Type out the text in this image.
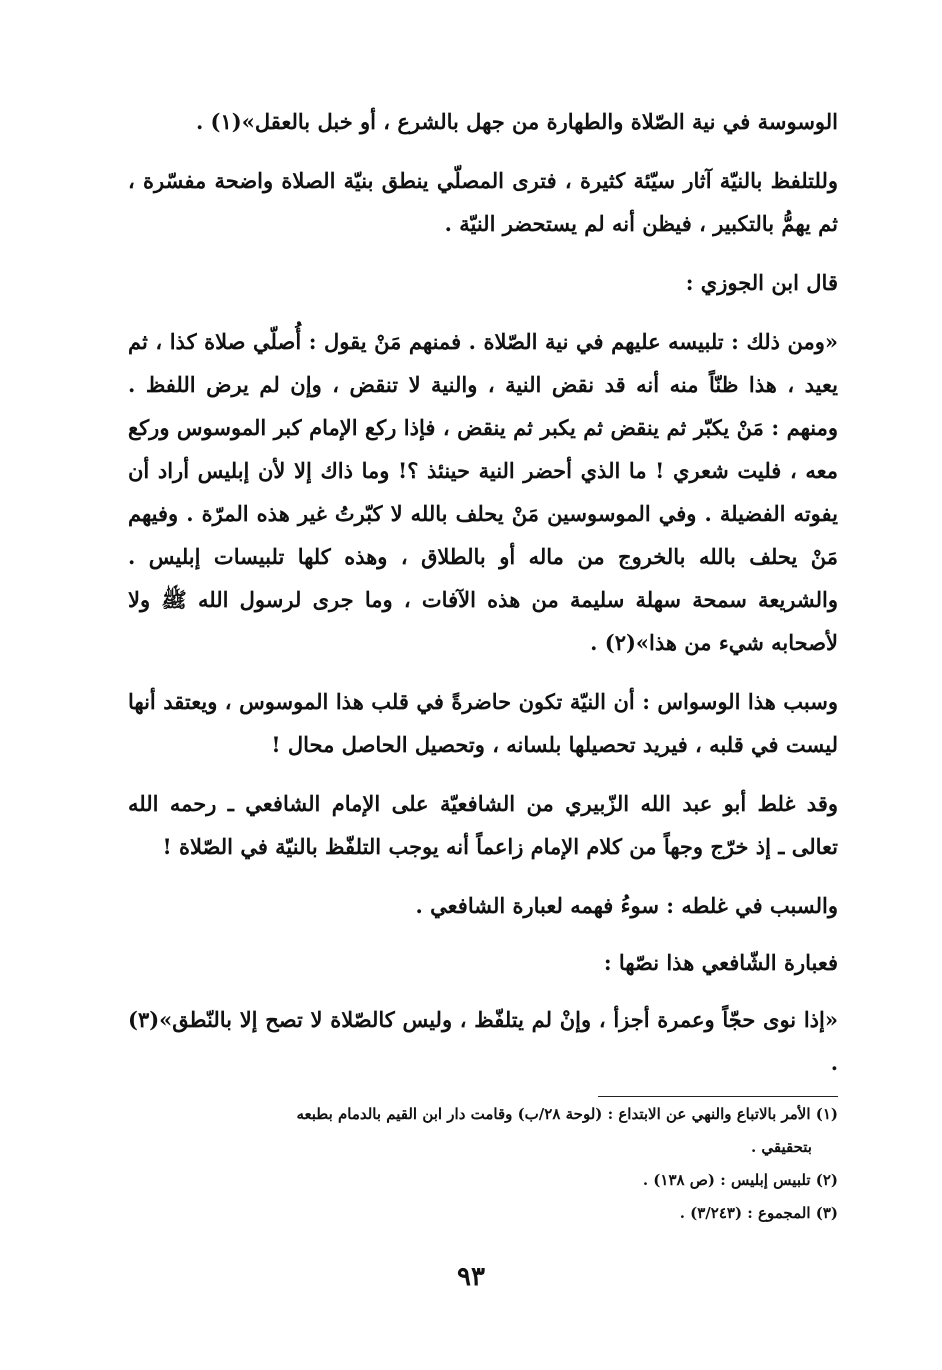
الوسوسة في نية الصّلاة والطهارة من جهل بالشرع ، أو خبل بالعقل»(١) .

وللتلفظ بالنيّة آثار سيّئة كثيرة ، فترى المصلّي ينطق بنيّة الصلاة واضحة مفسّرة ، ثم يهمُّ بالتكبير ، فيظن أنه لم يستحضر النيّة .

قال ابن الجوزي :

«ومن ذلك : تلبيسه عليهم في نية الصّلاة . فمنهم مَنْ يقول : أُصلّي صلاة كذا ، ثم يعيد ، هذا ظنّاً منه أنه قد نقض النية ، والنية لا تنقض ، وإن لم يرض اللفظ . ومنهم : مَنْ يكبّر ثم ينقض ثم يكبر ثم ينقض ، فإذا ركع الإمام كبر الموسوس وركع معه ، فليت شعري ! ما الذي أحضر النية حينئذ ؟! وما ذاك إلا لأن إبليس أراد أن يفوته الفضيلة . وفي الموسوسين مَنْ يحلف بالله لا كبّرتُ غير هذه المرّة . وفيهم مَنْ يحلف بالله بالخروج من ماله أو بالطلاق ، وهذه كلها تلبيسات إبليس . والشريعة سمحة سهلة سليمة من هذه الآفات ، وما جرى لرسول الله ﷺ ولا لأصحابه شيء من هذا»(٢) .

وسبب هذا الوسواس : أن النيّة تكون حاضرةً في قلب هذا الموسوس ، ويعتقد أنها ليست في قلبه ، فيريد تحصيلها بلسانه ، وتحصيل الحاصل محال !

وقد غلط أبو عبد الله الزّبيري من الشافعيّة على الإمام الشافعي ـ رحمه الله تعالى ـ إذ خرّج وجهاً من كلام الإمام زاعماً أنه يوجب التلفّظ بالنيّة في الصّلاة !

والسبب في غلطه : سوءُ فهمه لعبارة الشافعي .

فعبارة الشّافعي هذا نصّها :

«إذا نوى حجّاً وعمرة أجزأ ، وإنْ لم يتلفّظ ، وليس كالصّلاة لا تصح إلا بالنّطق»(٣) .

(١) الأمر بالاتباع والنهي عن الابتداع : (لوحة ٢٨/ب) وقامت دار ابن القيم بالدمام بطبعه

بتحقيقي .

(٢) تلبيس إبليس : (ص ١٣٨) .

(٣) المجموع : (٣/٢٤٣) .

٩٣
